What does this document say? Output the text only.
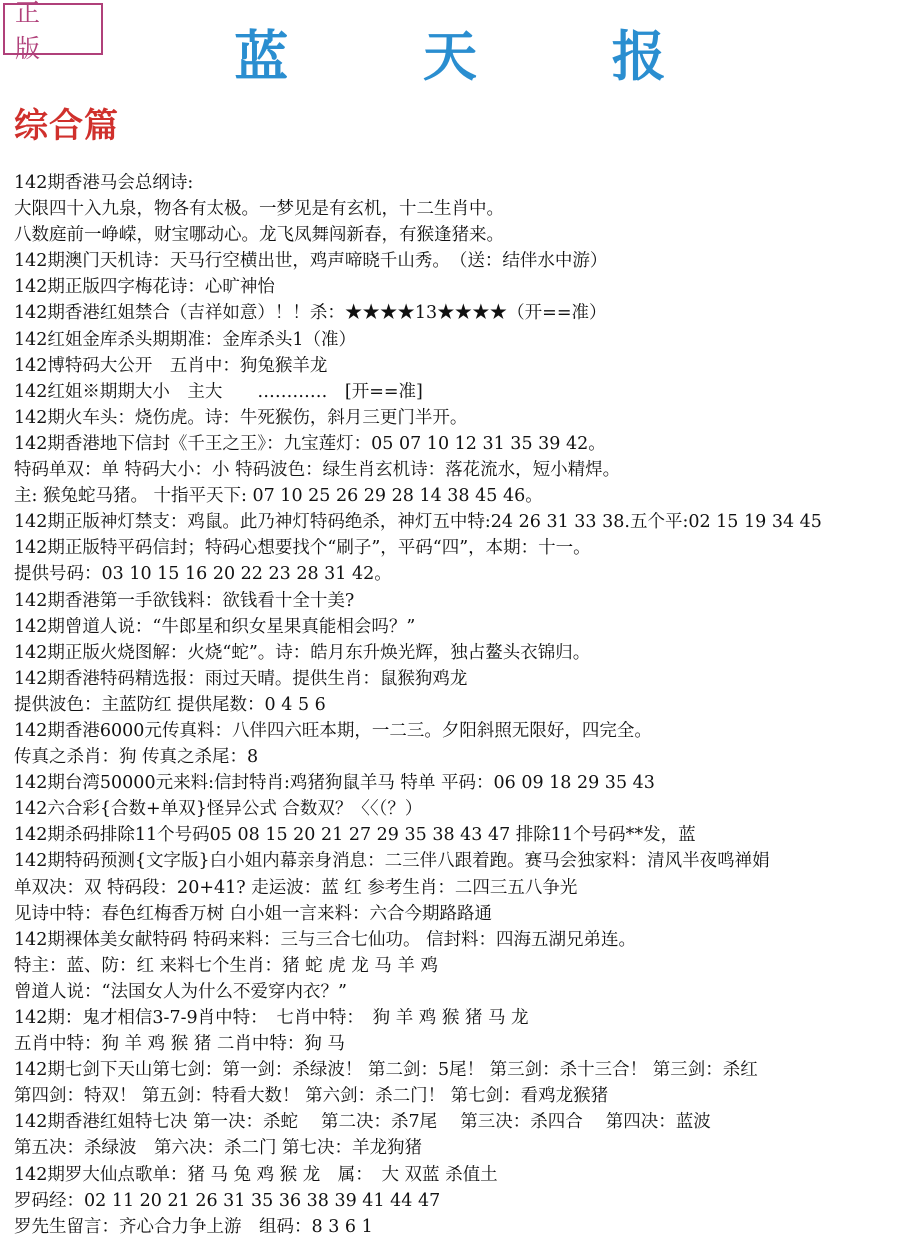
正 版	蓝 天 报
综合篇
142期香港马会总纲诗:
大限四十入九泉，物各有太极。一梦见是有玄机，十二生肖中。
八数庭前一峥嵘，财宝哪动心。龙飞凤舞闯新春，有猴逢猪来。
142期澳门天机诗：天马行空横出世，鸡声啼晓千山秀。　（送：结伴水中游）
142期正版四字梅花诗：心旷神怡
142期香港红姐禁合（吉祥如意）！！杀：★★★★13★★★★（开==准）
142红姐金库杀头期期准：金库杀头1（准）
142博特码大公开　五肖中：狗兔猴羊龙
142红姐※期期大小　主大　　…………　[开==准]
142期火车头：烧伤虎。诗：牛死猴伤，斜月三更门半开。
142期香港地下信封《千王之王》：九宝莲灯：05 07 10 12 31 35 39 42。
特码单双：单 特码大小：小 特码波色：绿生肖玄机诗：落花流水，短小精焊。
主: 猴兔蛇马猪。 十指平天下: 07 10 25 26 29 28 14 38 45 46。
142期正版神灯禁支：鸡鼠。此乃神灯特码绝杀，神灯五中特:24 26 31 33 38.五个平:02 15 19 34 45
142期正版特平码信封；特码心想要找个“刷子”，平码“四”，本期：十一。
提供号码：03 10 15 16 20 22 23 28 31 42。
142期香港第一手欲钱料：欲钱看十全十美?
142期曾道人说：“牛郎星和织女星果真能相会吗？”
142期正版火烧图解：火烧“蛇”。诗：皓月东升焕光辉，独占鳌头衣锦归。
142期香港特码精选报：雨过天晴。提供生肖：鼠猴狗鸡龙
提供波色：主蓝防红 提供尾数：0 4 5 6
142期香港6000元传真料：八伴四六旺本期，一二三。夕阳斜照无限好，四完全。
传真之杀肖：狗 传真之杀尾：8
142期台湾50000元来料:信封特肖:鸡猪狗鼠羊马 特单 平码：06 09 18 29 35 43
142六合彩{合数+单双}怪异公式 合数双？〈〈（？）
142期杀码排除11个号码05 08 15 20 21 27 29 35 38 43 47 排除11个号码**发，蓝
142期特码预测{文字版}白小姐内幕亲身消息：二三伴八跟着跑。赛马会独家料：清风半夜鸣禅娟
单双决：双 特码段：20+41? 走运波：蓝 红 参考生肖：二四三五八争光
见诗中特：春色红梅香万树 白小姐一言来料：六合今期路路通
142期裸体美女献特码 特码来料：三与三合七仙功。 信封料：四海五湖兄弟连。
特主：蓝、防：红 来料七个生肖：猪 蛇 虎 龙 马 羊 鸡
曾道人说：“法国女人为什么不爱穿内衣？”
142期：鬼才相信3-7-9肖中特：　七肖中特：　狗 羊 鸡 猴 猪 马 龙
五肖中特：狗 羊 鸡 猴 猪 二肖中特：狗 马
142期七剑下天山第七剑：第一剑：杀绿波！ 第二剑：5尾！ 第三剑：杀十三合！ 第三剑：杀红
第四剑：特双！ 第五剑：特看大数！ 第六剑：杀二门！ 第七剑：看鸡龙猴猪
142期香港红姐特七决 第一决：杀蛇　 第二决：杀7尾　 第三决：杀四合　 第四决：蓝波
第五决：杀绿波　第六决：杀二门 第七决：羊龙狗猪
142期罗大仙点歌单：猪 马 兔 鸡 猴 龙　属：　大 双蓝 杀值土
罗码经：02 11 20 21 26 31 35 36 38 39 41 44 47
罗先生留言：齐心合力争上游　组码：8 3 6 1
